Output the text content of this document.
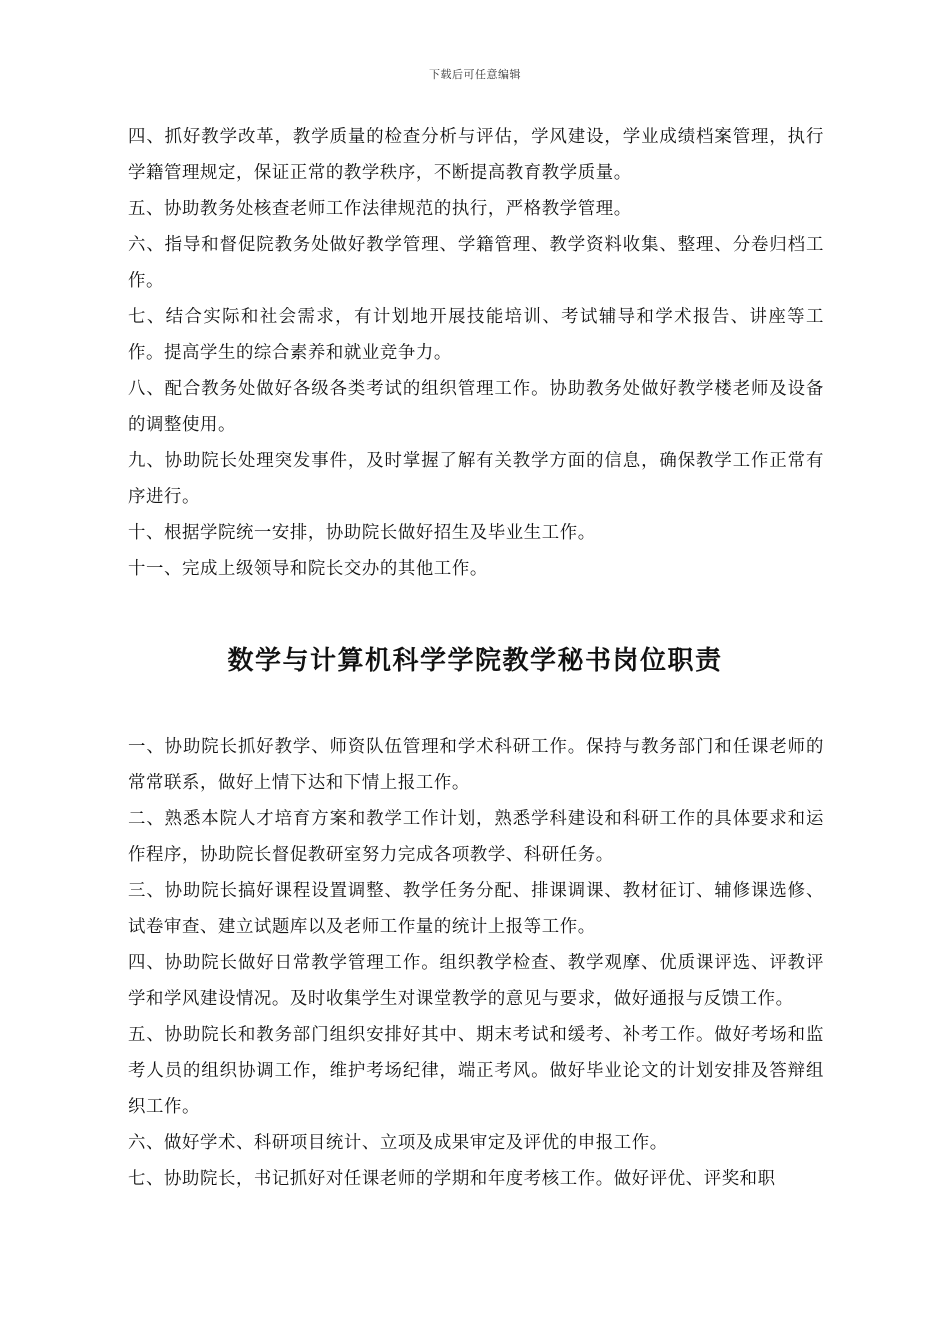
下载后可任意编辑

四、抓好教学改革，教学质量的检查分析与评估，学风建设，学业成绩档案管理，执行学籍管理规定，保证正常的教学秩序，不断提高教育教学质量。

五、协助教务处核查老师工作法律规范的执行，严格教学管理。

六、指导和督促院教务处做好教学管理、学籍管理、教学资料收集、整理、分卷归档工作。

七、结合实际和社会需求，有计划地开展技能培训、考试辅导和学术报告、讲座等工作。提高学生的综合素养和就业竞争力。

八、配合教务处做好各级各类考试的组织管理工作。协助教务处做好教学楼老师及设备的调整使用。

九、协助院长处理突发事件，及时掌握了解有关教学方面的信息，确保教学工作正常有序进行。

十、根据学院统一安排，协助院长做好招生及毕业生工作。

十一、完成上级领导和院长交办的其他工作。

数学与计算机科学学院教学秘书岗位职责

一、协助院长抓好教学、师资队伍管理和学术科研工作。保持与教务部门和任课老师的常常联系，做好上情下达和下情上报工作。

二、熟悉本院人才培育方案和教学工作计划，熟悉学科建设和科研工作的具体要求和运作程序，协助院长督促教研室努力完成各项教学、科研任务。

三、协助院长搞好课程设置调整、教学任务分配、排课调课、教材征订、辅修课选修、试卷审查、建立试题库以及老师工作量的统计上报等工作。

四、协助院长做好日常教学管理工作。组织教学检查、教学观摩、优质课评选、评教评学和学风建设情况。及时收集学生对课堂教学的意见与要求，做好通报与反馈工作。

五、协助院长和教务部门组织安排好其中、期末考试和缓考、补考工作。做好考场和监考人员的组织协调工作，维护考场纪律，端正考风。做好毕业论文的计划安排及答辩组织工作。

六、做好学术、科研项目统计、立项及成果审定及评优的申报工作。

七、协助院长，书记抓好对任课老师的学期和年度考核工作。做好评优、评奖和职
